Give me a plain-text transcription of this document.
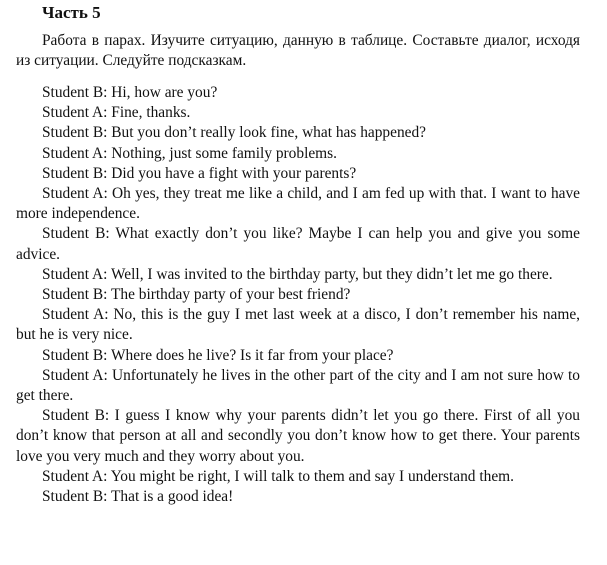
Часть 5

Работа в парах. Изучите ситуацию, данную в таблице. Составьте диалог, исходя из ситуации. Следуйте подсказкам.

Student B: Hi, how are you?

Student A: Fine, thanks.

Student B: But you don’t really look fine, what has happened?

Student A: Nothing, just some family problems.

Student B: Did you have a fight with your parents?

Student A: Oh yes, they treat me like a child, and I am fed up with that. I want to have more independence.

Student B: What exactly don’t you like? Maybe I can help you and give you some advice.

Student A: Well, I was invited to the birthday party, but they didn’t let me go there.

Student B: The birthday party of your best friend?

Student A: No, this is the guy I met last week at a disco, I don’t remember his name, but he is very nice.

Student B: Where does he live? Is it far from your place?

Student A: Unfortunately he lives in the other part of the city and I am not sure how to get there.

Student B: I guess I know why your parents didn’t let you go there. First of all you don’t know that person at all and secondly you don’t know how to get there. Your parents love you very much and they worry about you.

Student A: You might be right, I will talk to them and say I understand them.

Student B: That is a good idea!
